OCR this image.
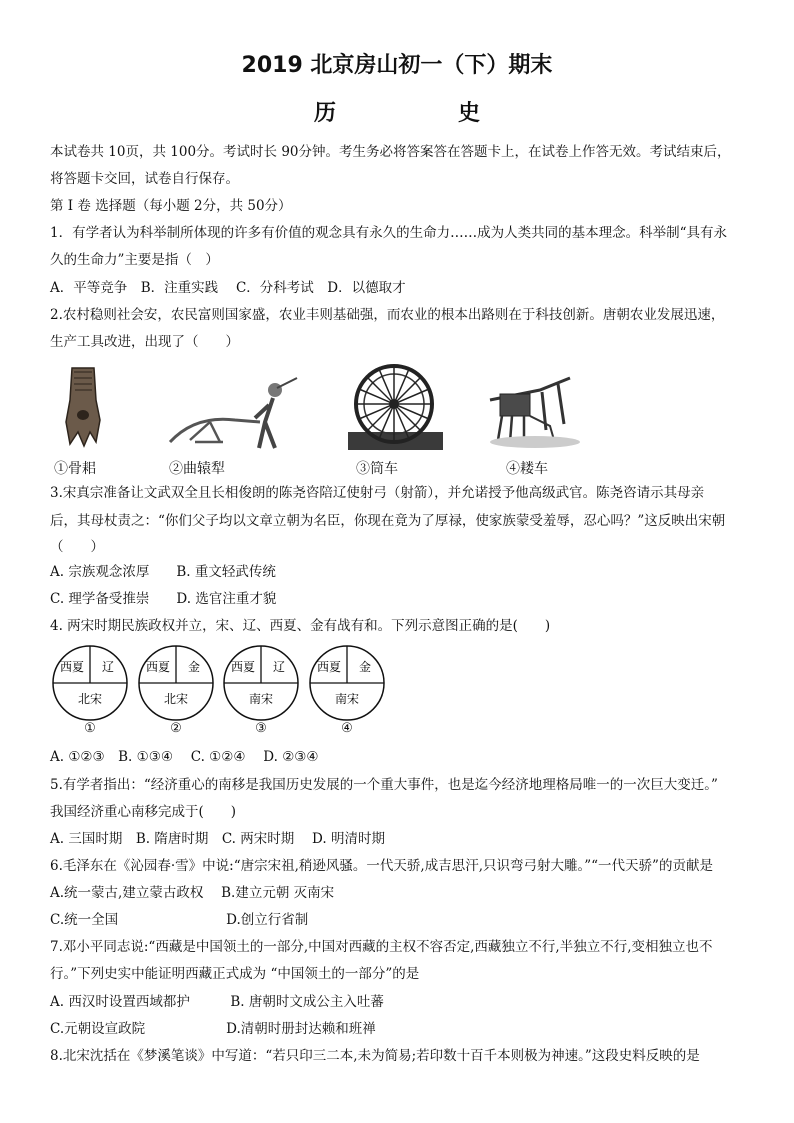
2019 北京房山初一（下）期末
历　史
本试卷共 10页，共 100分。考试时长 90分钟。考生务必将答案答在答题卡上，在试卷上作答无效。考试结束后，
将答题卡交回，试卷自行保存。
第 I 卷 选择题（每小题 2分，共 50分）
1．有学者认为科举制所体现的许多有价值的观念具有永久的生命力……成为人类共同的基本理念。科举制“具有永
久的生命力”主要是指（　）
A．平等竞争　B．注重实践　 C．分科考试　D．以德取才
2.农村稳则社会安，农民富则国家盛，农业丰则基础强，而农业的根本出路则在于科技创新。唐朝农业发展迅速，
生产工具改进，出现了（　　）
①骨耜	②曲辕犁	③筒车	④耧车
3.宋真宗准备让文武双全且长相俊朗的陈尧咨陪辽使射弓（射箭），并允诺授予他高级武官。陈尧咨请示其母亲
后，其母杖责之：“你们父子均以文章立朝为名臣，你现在竟为了厚禄，使家族蒙受羞辱，忍心吗？”这反映出宋朝
（　　）
A. 宗族观念浓厚　　B. 重文轻武传统
C. 理学备受推崇　　D. 选官注重才貌
4. 两宋时期民族政权并立，宋、辽、西夏、金有战有和。下列示意图正确的是(　　)
西夏 辽
北宋
①
西夏 金
北宋
②
西夏 辽
南宋
③
西夏 金
南宋
④
A. ①②③　B. ①③④　 C. ①②④　 D. ②③④
5.有学者指出：“经济重心的南移是我国历史发展的一个重大事件，也是迄今经济地理格局唯一的一次巨大变迁。”
我国经济重心南移完成于(　　)
A. 三国时期　B. 隋唐时期　C. 两宋时期　 D. 明清时期
6.毛泽东在《沁园春·雪》中说:“唐宗宋祖,稍逊风骚。一代天骄,成吉思汗,只识弯弓射大雕。”“一代天骄”的贡献是
A.统一蒙古,建立蒙古政权　 B.建立元朝 灭南宋
C.统一全国　　　　　　　　D.创立行省制
7.邓小平同志说:“西藏是中国领土的一部分,中国对西藏的主权不容否定,西藏独立不行,半独立不行,变相独立也不
行。”下列史实中能证明西藏正式成为 “中国领土的一部分”的是
A. 西汉时设置西域都护　　　B. 唐朝时文成公主入吐蕃
C.元朝设宣政院　　　　　　D.清朝时册封达赖和班禅
8.北宋沈括在《梦溪笔谈》中写道：“若只印三二本,未为简易;若印数十百千本则极为神速。”这段史料反映的是
